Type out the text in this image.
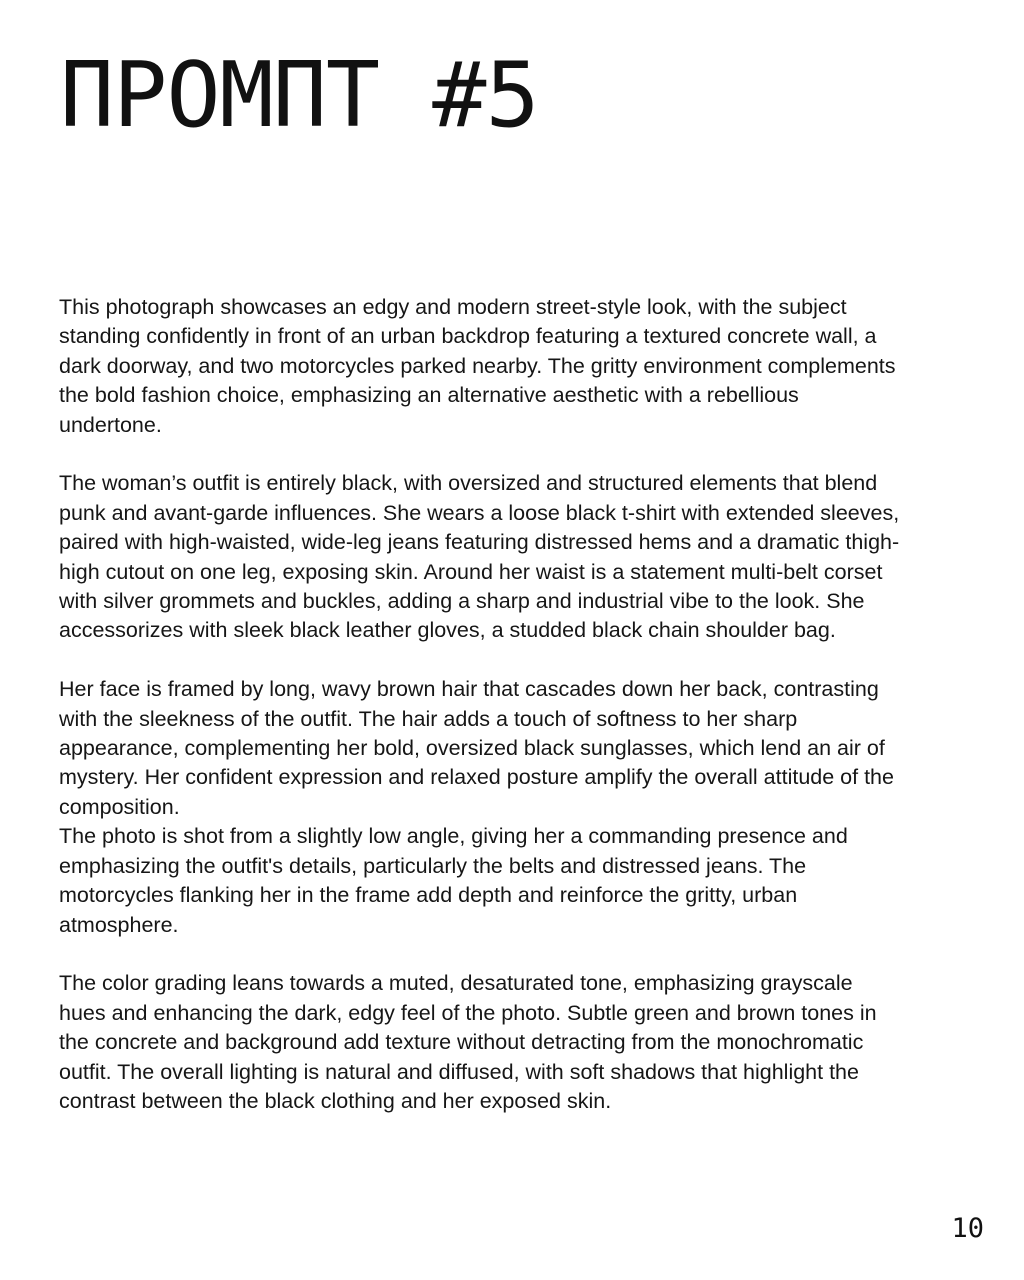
ПРОМПТ #5

This photograph showcases an edgy and modern street-style look, with the subject standing confidently in front of an urban backdrop featuring a textured concrete wall, a dark doorway, and two motorcycles parked nearby. The gritty environment complements the bold fashion choice, emphasizing an alternative aesthetic with a rebellious undertone.

The woman’s outfit is entirely black, with oversized and structured elements that blend punk and avant-garde influences. She wears a loose black t-shirt with extended sleeves, paired with high-waisted, wide-leg jeans featuring distressed hems and a dramatic thigh-high cutout on one leg, exposing skin. Around her waist is a statement multi-belt corset with silver grommets and buckles, adding a sharp and industrial vibe to the look. She accessorizes with sleek black leather gloves, a studded black chain shoulder bag.

Her face is framed by long, wavy brown hair that cascades down her back, contrasting with the sleekness of the outfit. The hair adds a touch of softness to her sharp appearance, complementing her bold, oversized black sunglasses, which lend an air of mystery. Her confident expression and relaxed posture amplify the overall attitude of the composition.

The photo is shot from a slightly low angle, giving her a commanding presence and emphasizing the outfit's details, particularly the belts and distressed jeans. The motorcycles flanking her in the frame add depth and reinforce the gritty, urban atmosphere.

The color grading leans towards a muted, desaturated tone, emphasizing grayscale hues and enhancing the dark, edgy feel of the photo. Subtle green and brown tones in the concrete and background add texture without detracting from the monochromatic outfit. The overall lighting is natural and diffused, with soft shadows that highlight the contrast between the black clothing and her exposed skin.

10
